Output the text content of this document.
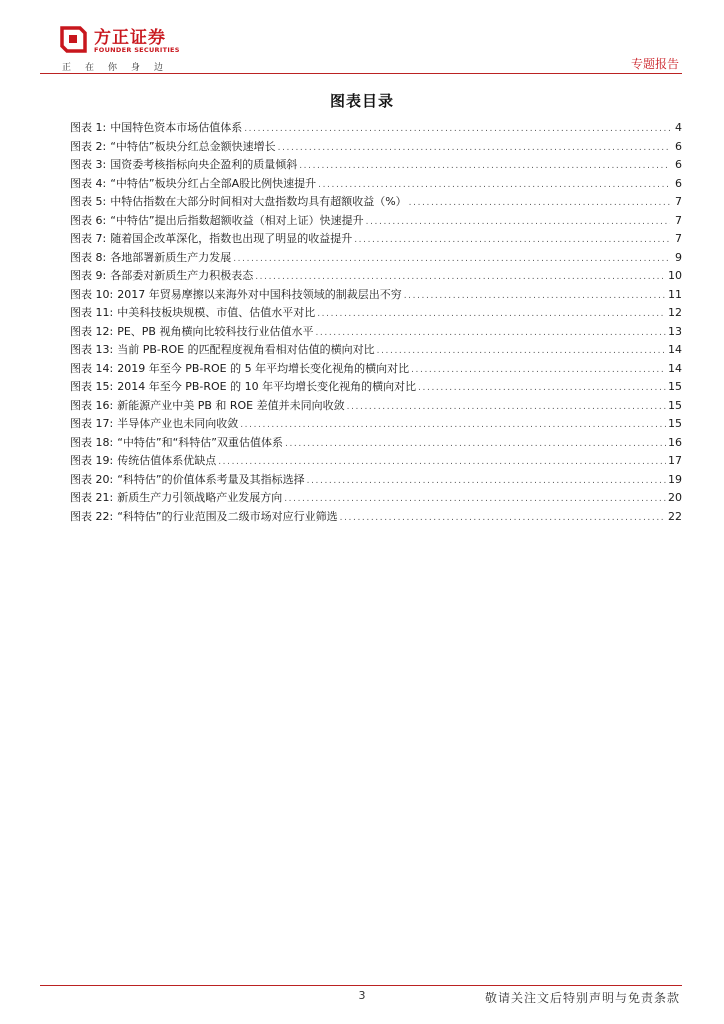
方正证券
FOUNDER SECURITIES
正在你身边	专题报告
图表目录
图表 1: 中国特色资本市场估值体系 .....	4
图表 2: “中特估”板块分红总金额快速增长 .....	6
图表 3: 国资委考核指标向央企盈利的质量倾斜 .....	6
图表 4: “中特估”板块分红占全部A股比例快速提升 .....	6
图表 5: 中特估指数在大部分时间相对大盘指数均具有超额收益（%） .....	7
图表 6: “中特估”提出后指数超额收益（相对上证）快速提升 .....	7
图表 7: 随着国企改革深化，指数也出现了明显的收益提升 .....	7
图表 8: 各地部署新质生产力发展 .....	9
图表 9: 各部委对新质生产力积极表态 .....	10
图表 10: 2017 年贸易摩擦以来海外对中国科技领域的制裁层出不穷 .....	11
图表 11: 中美科技板块规模、市值、估值水平对比 .....	12
图表 12: PE、PB 视角横向比较科技行业估值水平 .....	13
图表 13: 当前 PB-ROE 的匹配程度视角看相对估值的横向对比 .....	14
图表 14: 2019 年至今 PB-ROE 的 5 年平均增长变化视角的横向对比 .....	14
图表 15: 2014 年至今 PB-ROE 的 10 年平均增长变化视角的横向对比 .....	15
图表 16: 新能源产业中美 PB 和 ROE 差值并未同向收敛 .....	15
图表 17: 半导体产业也未同向收敛 .....	15
图表 18: “中特估”和“科特估”双重估值体系 .....	16
图表 19: 传统估值体系优缺点 .....	17
图表 20: “科特估”的价值体系考量及其指标选择 .....	19
图表 21: 新质生产力引领战略产业发展方向 .....	20
图表 22: “科特估”的行业范围及二级市场对应行业筛选 .....	22
3	敬请关注文后特别声明与免责条款
